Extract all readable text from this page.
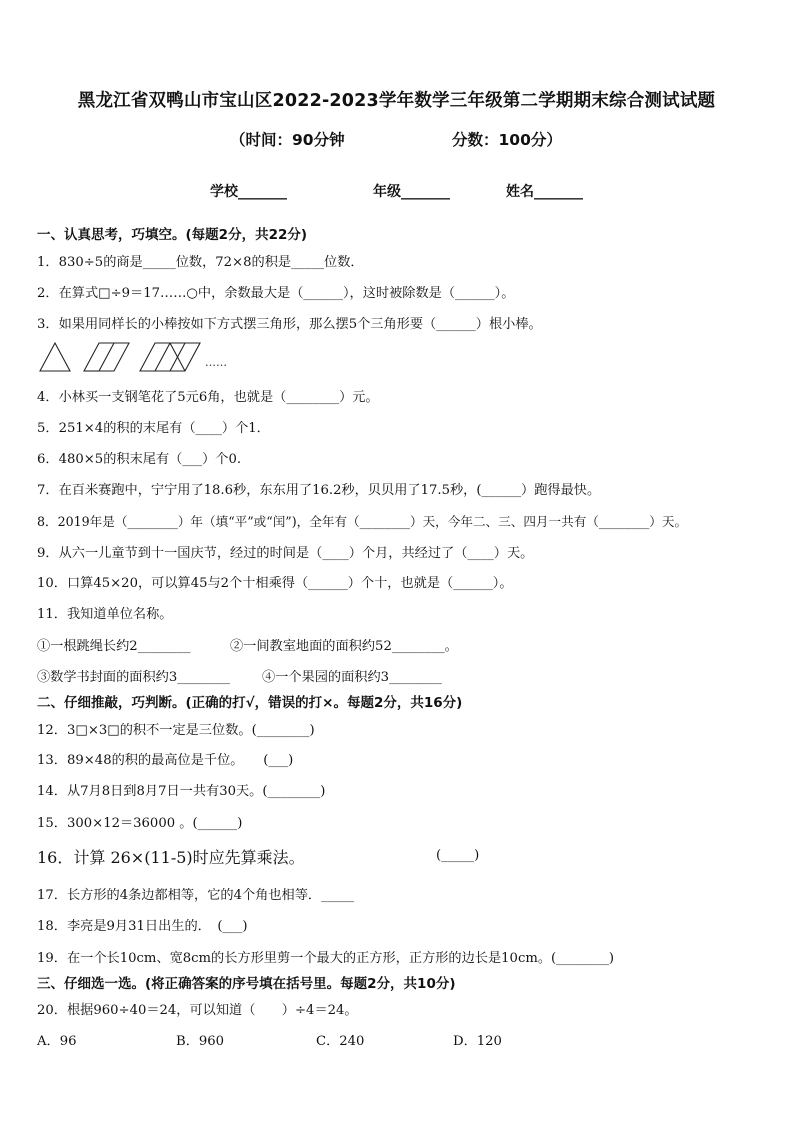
黑龙江省双鸭山市宝山区2022-2023学年数学三年级第二学期期末综合测试试题
（时间：90分钟	分数：100分）
学校_______	年级_______	姓名_______
一、认真思考，巧填空。(每题2分，共22分)
1．830÷5的商是_____位数，72×8的积是_____位数．
2．在算式□÷9＝17……○中，余数最大是（______），这时被除数是（______）。
3．如果用同样长的小棒按如下方式摆三角形，那么摆5个三角形要（______）根小棒。
……
4．小林买一支钢笔花了5元6角，也就是（________）元。
5．251×4的积的末尾有（____）个1．
6．480×5的积末尾有（___）个0.
7．在百米赛跑中，宁宁用了18.6秒，东东用了16.2秒，贝贝用了17.5秒，(______）跑得最快。
8．2019年是（________）年（填“平”或“闰”)，全年有（________）天，今年二、三、四月一共有（________）天。
9．从六一儿童节到十一国庆节，经过的时间是（____）个月，共经过了（____）天。
10．口算45×20，可以算45与2个十相乘得（______）个十，也就是（______）。
11．我知道单位名称。
①一根跳绳长约2________	②一间教室地面的面积约52________。
③数学书封面的面积约3________ ④一个果园的面积约3________
二、仔细推敲，巧判断。(正确的打√，错误的打×。每题2分，共16分)
12．3□×3□的积不一定是三位数。(________)
13．89×48的积的最高位是千位。　　(___)
14．从7月8日到8月7日一共有30天。(________)
15．300×12＝36000 。(______)
16．计算 26×(11-5)时应先算乘法。	(_____)
17．长方形的4条边都相等，它的4个角也相等．_____
18．李亮是9月31日出生的．　(___)
19．在一个长10cm、宽8cm的长方形里剪一个最大的正方形，正方形的边长是10cm。(________)
三、仔细选一选。(将正确答案的序号填在括号里。每题2分，共10分)
20．根据960÷40＝24，可以知道（　　）÷4＝24。
A．96	B．960	C．240	D．120
